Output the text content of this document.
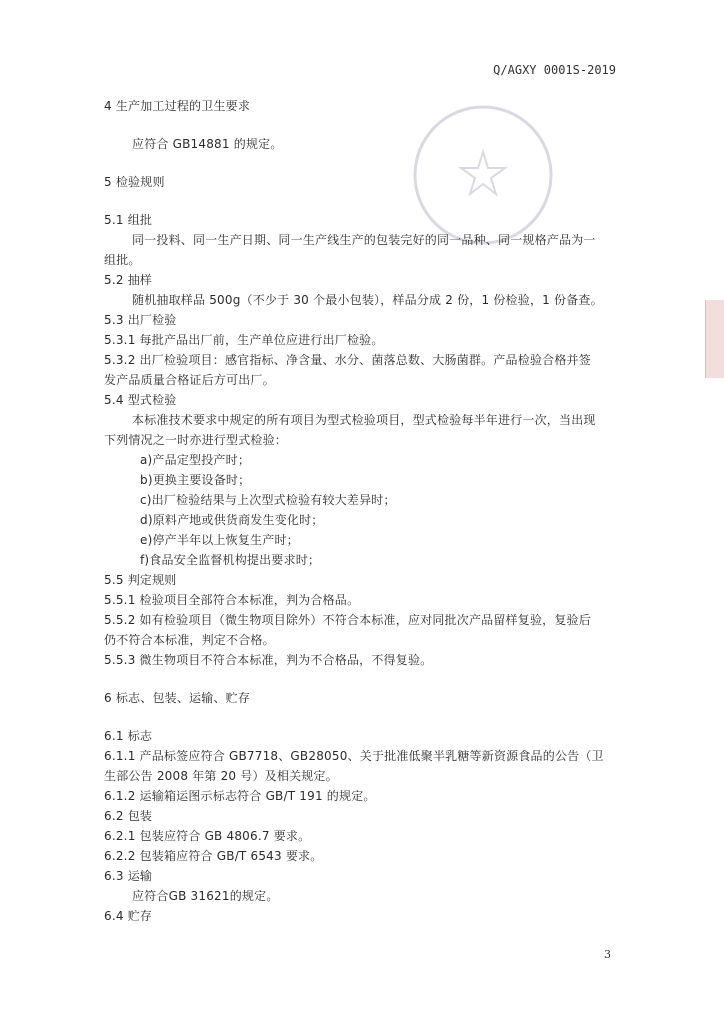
Q/AGXY 0001S-2019
4 生产加工过程的卫生要求
应符合 GB14881 的规定。
5 检验规则
5.1 组批
同一投料、同一生产日期、同一生产线生产的包装完好的同一品种、同一规格产品为一
组批。
5.2 抽样
随机抽取样品 500g（不少于 30 个最小包装），样品分成 2 份，1 份检验，1 份备查。
5.3 出厂检验
5.3.1 每批产品出厂前，生产单位应进行出厂检验。
5.3.2 出厂检验项目：感官指标、净含量、水分、菌落总数、大肠菌群。产品检验合格并签
发产品质量合格证后方可出厂。
5.4 型式检验
本标准技术要求中规定的所有项目为型式检验项目，型式检验每半年进行一次，当出现
下列情况之一时亦进行型式检验：
a)产品定型投产时；
b)更换主要设备时；
c)出厂检验结果与上次型式检验有较大差异时；
d)原料产地或供货商发生变化时；
e)停产半年以上恢复生产时；
f)食品安全监督机构提出要求时；
5.5 判定规则
5.5.1 检验项目全部符合本标准，判为合格品。
5.5.2 如有检验项目（微生物项目除外）不符合本标准，应对同批次产品留样复验，复验后
仍不符合本标准，判定不合格。
5.5.3 微生物项目不符合本标准，判为不合格品，不得复验。
6 标志、包装、运输、贮存
6.1 标志
6.1.1 产品标签应符合 GB7718、GB28050、关于批准低聚半乳糖等新资源食品的公告（卫
生部公告 2008 年第 20 号）及相关规定。
6.1.2 运输箱运图示标志符合 GB/T 191 的规定。
6.2 包装
6.2.1 包装应符合 GB 4806.7 要求。
6.2.2 包装箱应符合 GB/T 6543 要求。
6.3 运输
应符合GB 31621的规定。
6.4 贮存
3
